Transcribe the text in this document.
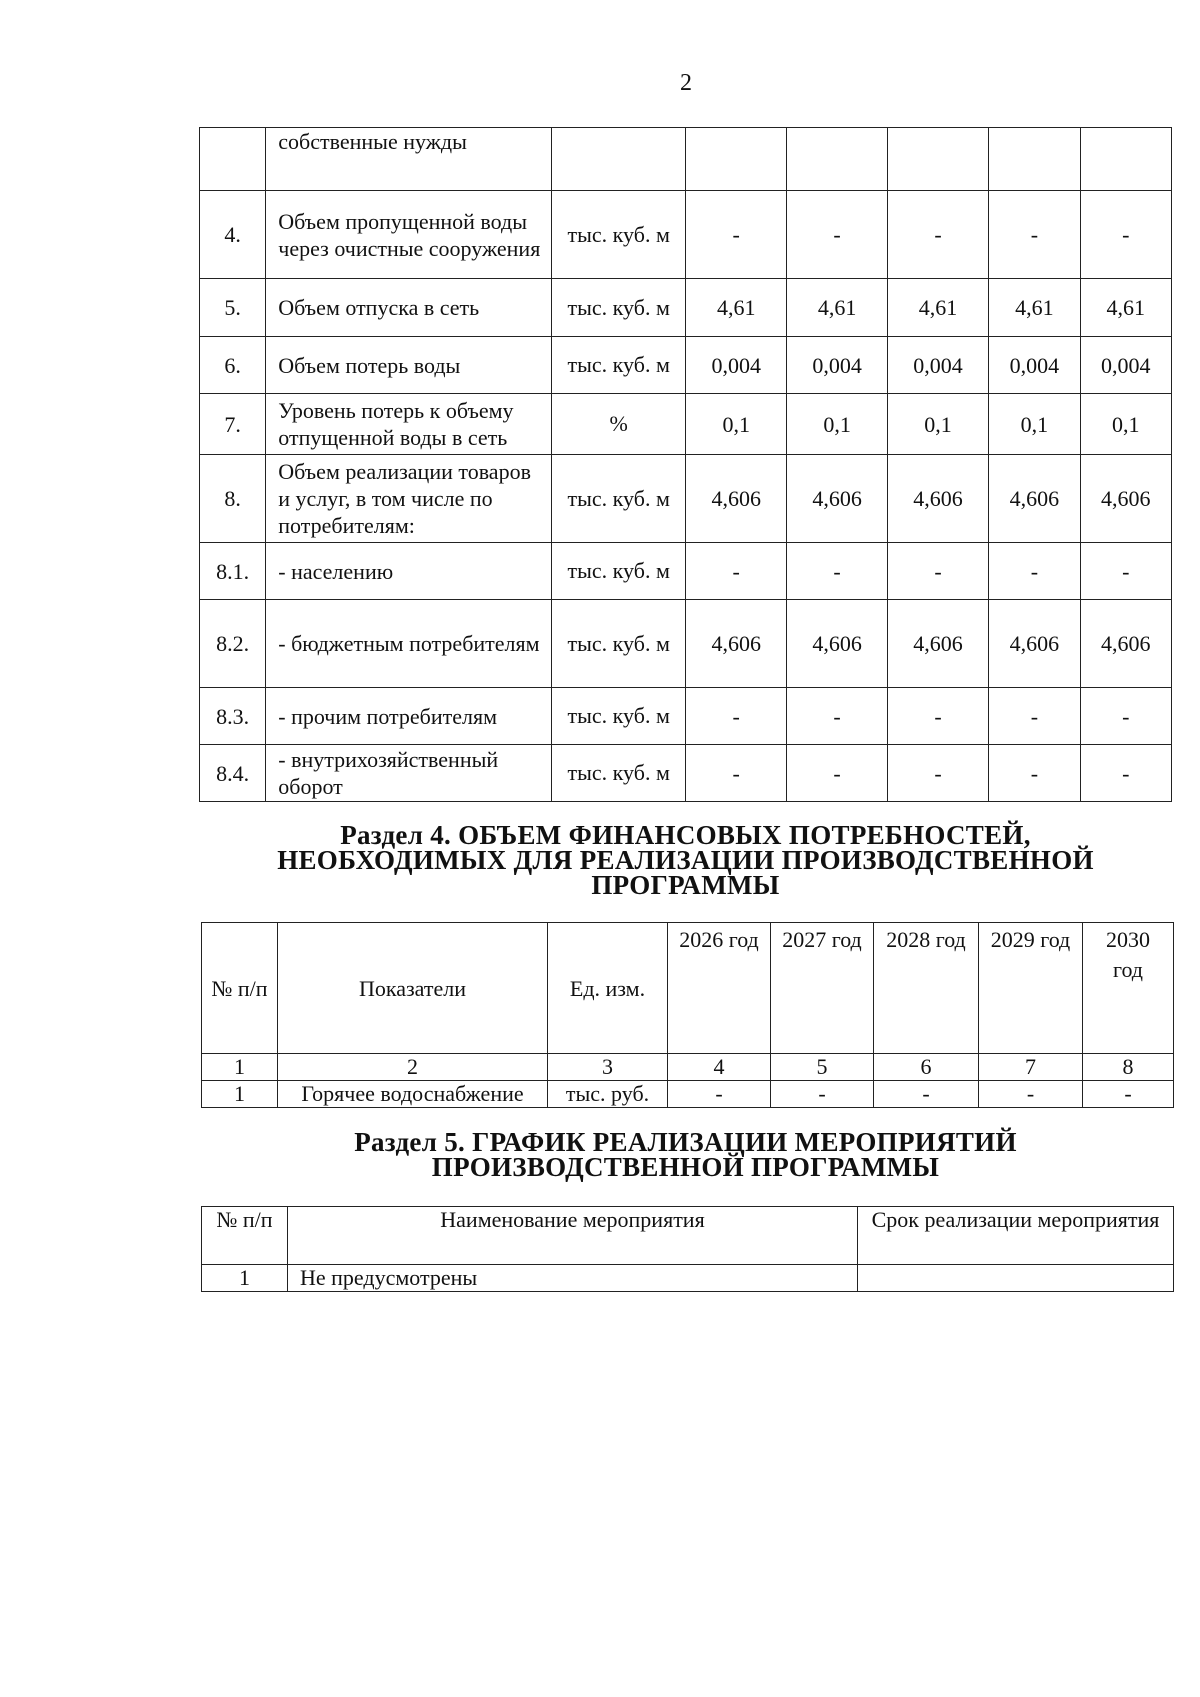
2
	собственные нужды						
4.	Объем пропущенной воды через очистные сооружения	тыс. куб. м	-	-	-	-	-
5.	Объем отпуска в сеть	тыс. куб. м	4,61	4,61	4,61	4,61	4,61
6.	Объем потерь воды	тыс. куб. м	0,004	0,004	0,004	0,004	0,004
7.	Уровень потерь к объему отпущенной воды в сеть	%	0,1	0,1	0,1	0,1	0,1
8.	Объем реализации товаров и услуг, в том числе по потребителям:	тыс. куб. м	4,606	4,606	4,606	4,606	4,606
8.1.	- населению	тыс. куб. м	-	-	-	-	-
8.2.	- бюджетным потребителям	тыс. куб. м	4,606	4,606	4,606	4,606	4,606
8.3.	- прочим потребителям	тыс. куб. м	-	-	-	-	-
8.4.	- внутрихозяйственный оборот	тыс. куб. м	-	-	-	-	-
Раздел 4. ОБЪЕМ ФИНАНСОВЫХ ПОТРЕБНОСТЕЙ,
НЕОБХОДИМЫХ ДЛЯ РЕАЛИЗАЦИИ ПРОИЗВОДСТВЕННОЙ
ПРОГРАММЫ
№ п/п	Показатели	Ед. изм.	2026 год	2027 год	2028 год	2029 год	2030 год
1	2	3	4	5	6	7	8
1	Горячее водоснабжение	тыс. руб.	-	-	-	-	-
Раздел 5. ГРАФИК РЕАЛИЗАЦИИ МЕРОПРИЯТИЙ
ПРОИЗВОДСТВЕННОЙ ПРОГРАММЫ
№ п/п	Наименование мероприятия	Срок реализации мероприятия
1	Не предусмотрены	
